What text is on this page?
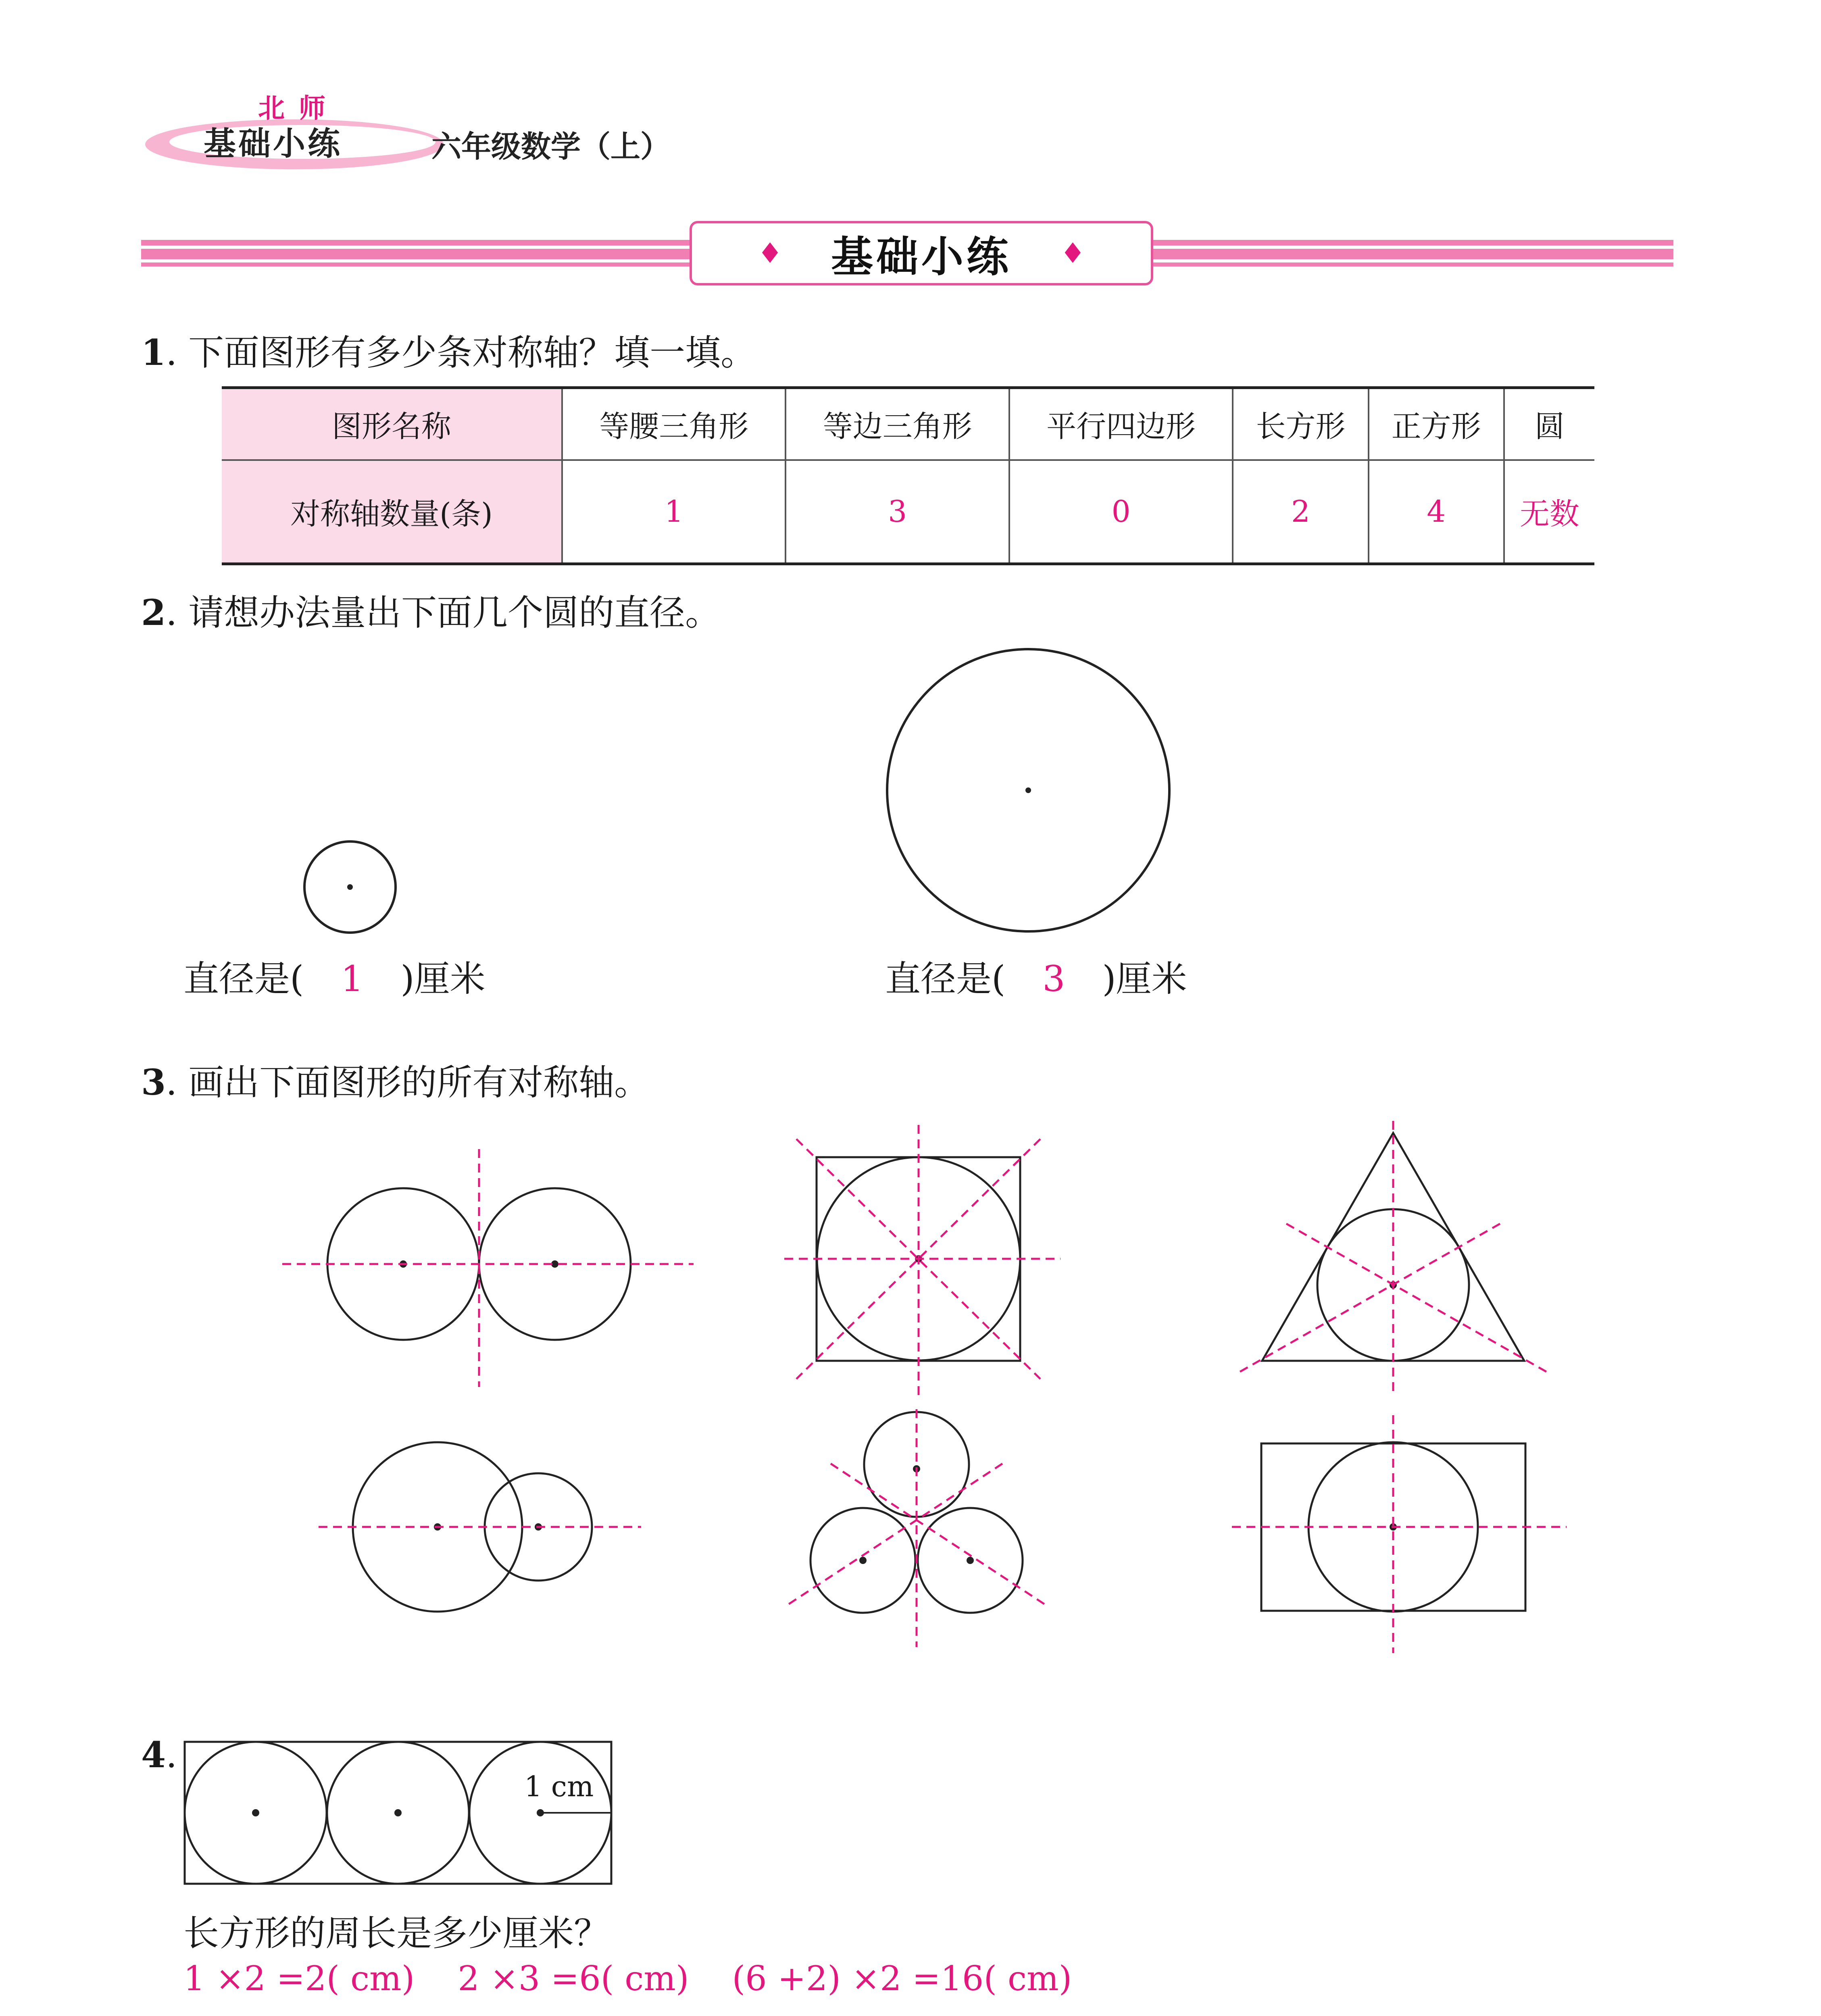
北 师
基础小练	六年级数学（上）
♦ 基础小练 ♦
1. 下面图形有多少条对称轴？填一填。
图形名称	等腰三角形	等边三角形	平行四边形	长方形	正方形	圆
对称轴数量(条)	1	3	0	2	4	无数
2. 请想办法量出下面几个圆的直径。
直径是( 1 )厘米	直径是( 3 )厘米
3. 画出下面图形的所有对称轴。
4.
1 cm
长方形的周长是多少厘米？
1 ×2 =2( cm)    2 ×3 =6( cm)    (6 +2) ×2 =16( cm)
